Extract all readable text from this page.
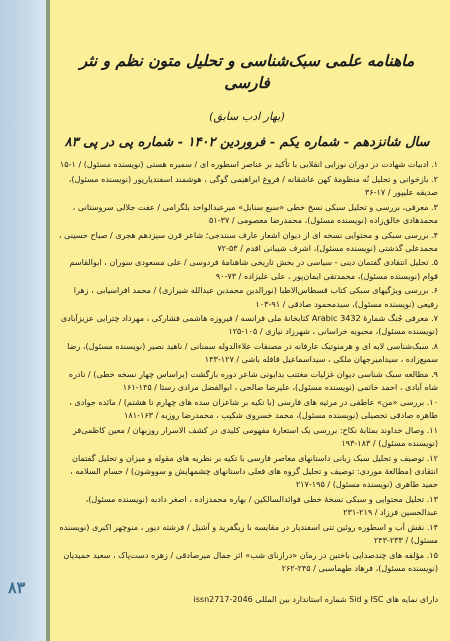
۸۳

ماهنامه علمی سبک‌شناسی و تحلیل متون نظم و نثر فارسی

(بهار ادب سابق)
سال شانزدهم - شماره یکم - فروردین ۱۴۰۲ - شماره پی در پی ۸۳

۱. ادبیات شهادت در دوران نوزایی انقلابی با تأکید بر عناصر اسطوره ای / سمیره هستی (نویسنده مسئول) / ۱-۱۵

۲. بازخوانی و تحلیل نُه منظومهٔ کهن عاشقانه / فروغ ابراهیمی گوگی ، هوشمند اسفندیارپور (نویسنده مسئول)، صدیقه علیپور / ۱۷-۳۶

۳. معرفی، بررسی و تحلیل سبکی نسخ خطی «سبع سنابل» میرعبدالواحد بلگرامی / عفت جلالی سروستانی ، محمدهادی خالق‌زاده (نویسنده مسئول)، محمدرضا معصومی / ۳۷-۵۱

۴. بررسی سبکی و محتوایی نسخه ای از دیوان اشعار عارف سنندجی؛ شاعر قرن سیزدهم هجری / صباح حسینی ، محمدعلی گذشتی (نویسنده مسئول)، اشرف شیبانی اقدم / ۵۳-۷۲

۵. تحلیل انتقادی گفتمان دینی - سیاسی در بخش تاریخی شاهنامهٔ فردوسی / علی مسعودی سوران ، ابوالقاسم قوام (نویسنده مسئول)، محمدتقی ایمان‌پور ، علی علیزاده / ۷۳-۹۰

۶. بررسی ویژگیهای سبکی کتاب قسطاس‌الاطبا (نورالدین محمدبن عبدالله شیرازی) / محمد افراسیابی ، زهرا رفیعی (نویسنده مسئول)، سیدمحمود صادقی / ۹۱-۱۰۳

۷. معرفی جُنگ شمارهٔ Arabic 3432 کتابخانهٔ ملی فرانسه / فیروزه هاشمی فشارکی ، مهرداد چترایی عزیزآبادی (نویسنده مسئول)، محبوبه خراسانی ، شهرزاد نیازی / ۱۰۵-۱۲۵

۸. سبک‌شناسی لایه ای و هرمنوتیک عارفانه در مصنفات علاءالدوله سمنانی / ناهید نصیر (نویسنده مسئول)، رضا سمیع‌زاده ، سیدامیرجهان ملکی ، سیداسماعیل قافله باشی / ۱۲۷-۱۴۳

۹. مطالعه سبک شناسی دیوان غزلیات مغتنب بدایونی شاعر دوره بازگشت (براساس چهار نسخه خطی) / نادره شاه آبادی ، احمد خاتمی (نویسنده مسئول)، علیرضا صالحی ، ابوالفضل مرادی رستا / ۱۴۵-۱۶۱

۱۰. بررسی «من» عاطفی در مرثیه های فارسی (با تکیه بر شاعران سده های چهارم تا هشتم) / مائده جوادی ، طاهره صادقی تحصیلی (نویسنده مسئول)، محمد خسروی شکیب ، محمدرضا روزبه / ۱۶۳-۱۸۱

۱۱. وصال خداوند بمثابهٔ نکاح: بررسی یک استعارهٔ مفهومی کلیدی در کشف الاسرار روزبهان / معین کاظمی‌فر (نویسنده مسئول) / ۱۸۳-۱۹۳

۱۲. توصیف و تحلیل سبک زبانی داستانهای معاصر فارسی با تکیه بر نظریه های مقوله و میزان و تحلیل گفتمان انتقادی (مطالعهٔ موردی: توصیف و تحلیل گروه های فعلی داستانهای چشمهایش و سووشون) / حسام السلامه ، حمید طاهری (نویسنده مسئول) / ۱۹۵-۲۱۷

۱۳. تحلیل محتوایی و سبکی نسخهٔ خطی فوائدالسالکین / بهاره محمدزاده ، اصغر دادبه (نویسنده مسئول)، عبدالحسین فرزاد / ۲۱۹-۲۳۱

۱۴. نقش آب و اسطوره روئین تنی اسفندیار در مقایسه با زیگفرید و آشیل / فرشته دیور ، منوچهر اکبری (نویسنده مسئول) / ۲۳۳-۲۴۳

۱۵. مؤلفه های چندصدایی باختین در رمان «درازنای شب» اثر جمال میرصادقی / زهره دست‌پاک ، سعید حمیدیان (نویسنده مسئول)، فرهاد طهماسبی / ۲۴۵-۲۶۲

دارای نمایه های ISC و Sid شماره استاندارد بین المللی issn2717-2046
